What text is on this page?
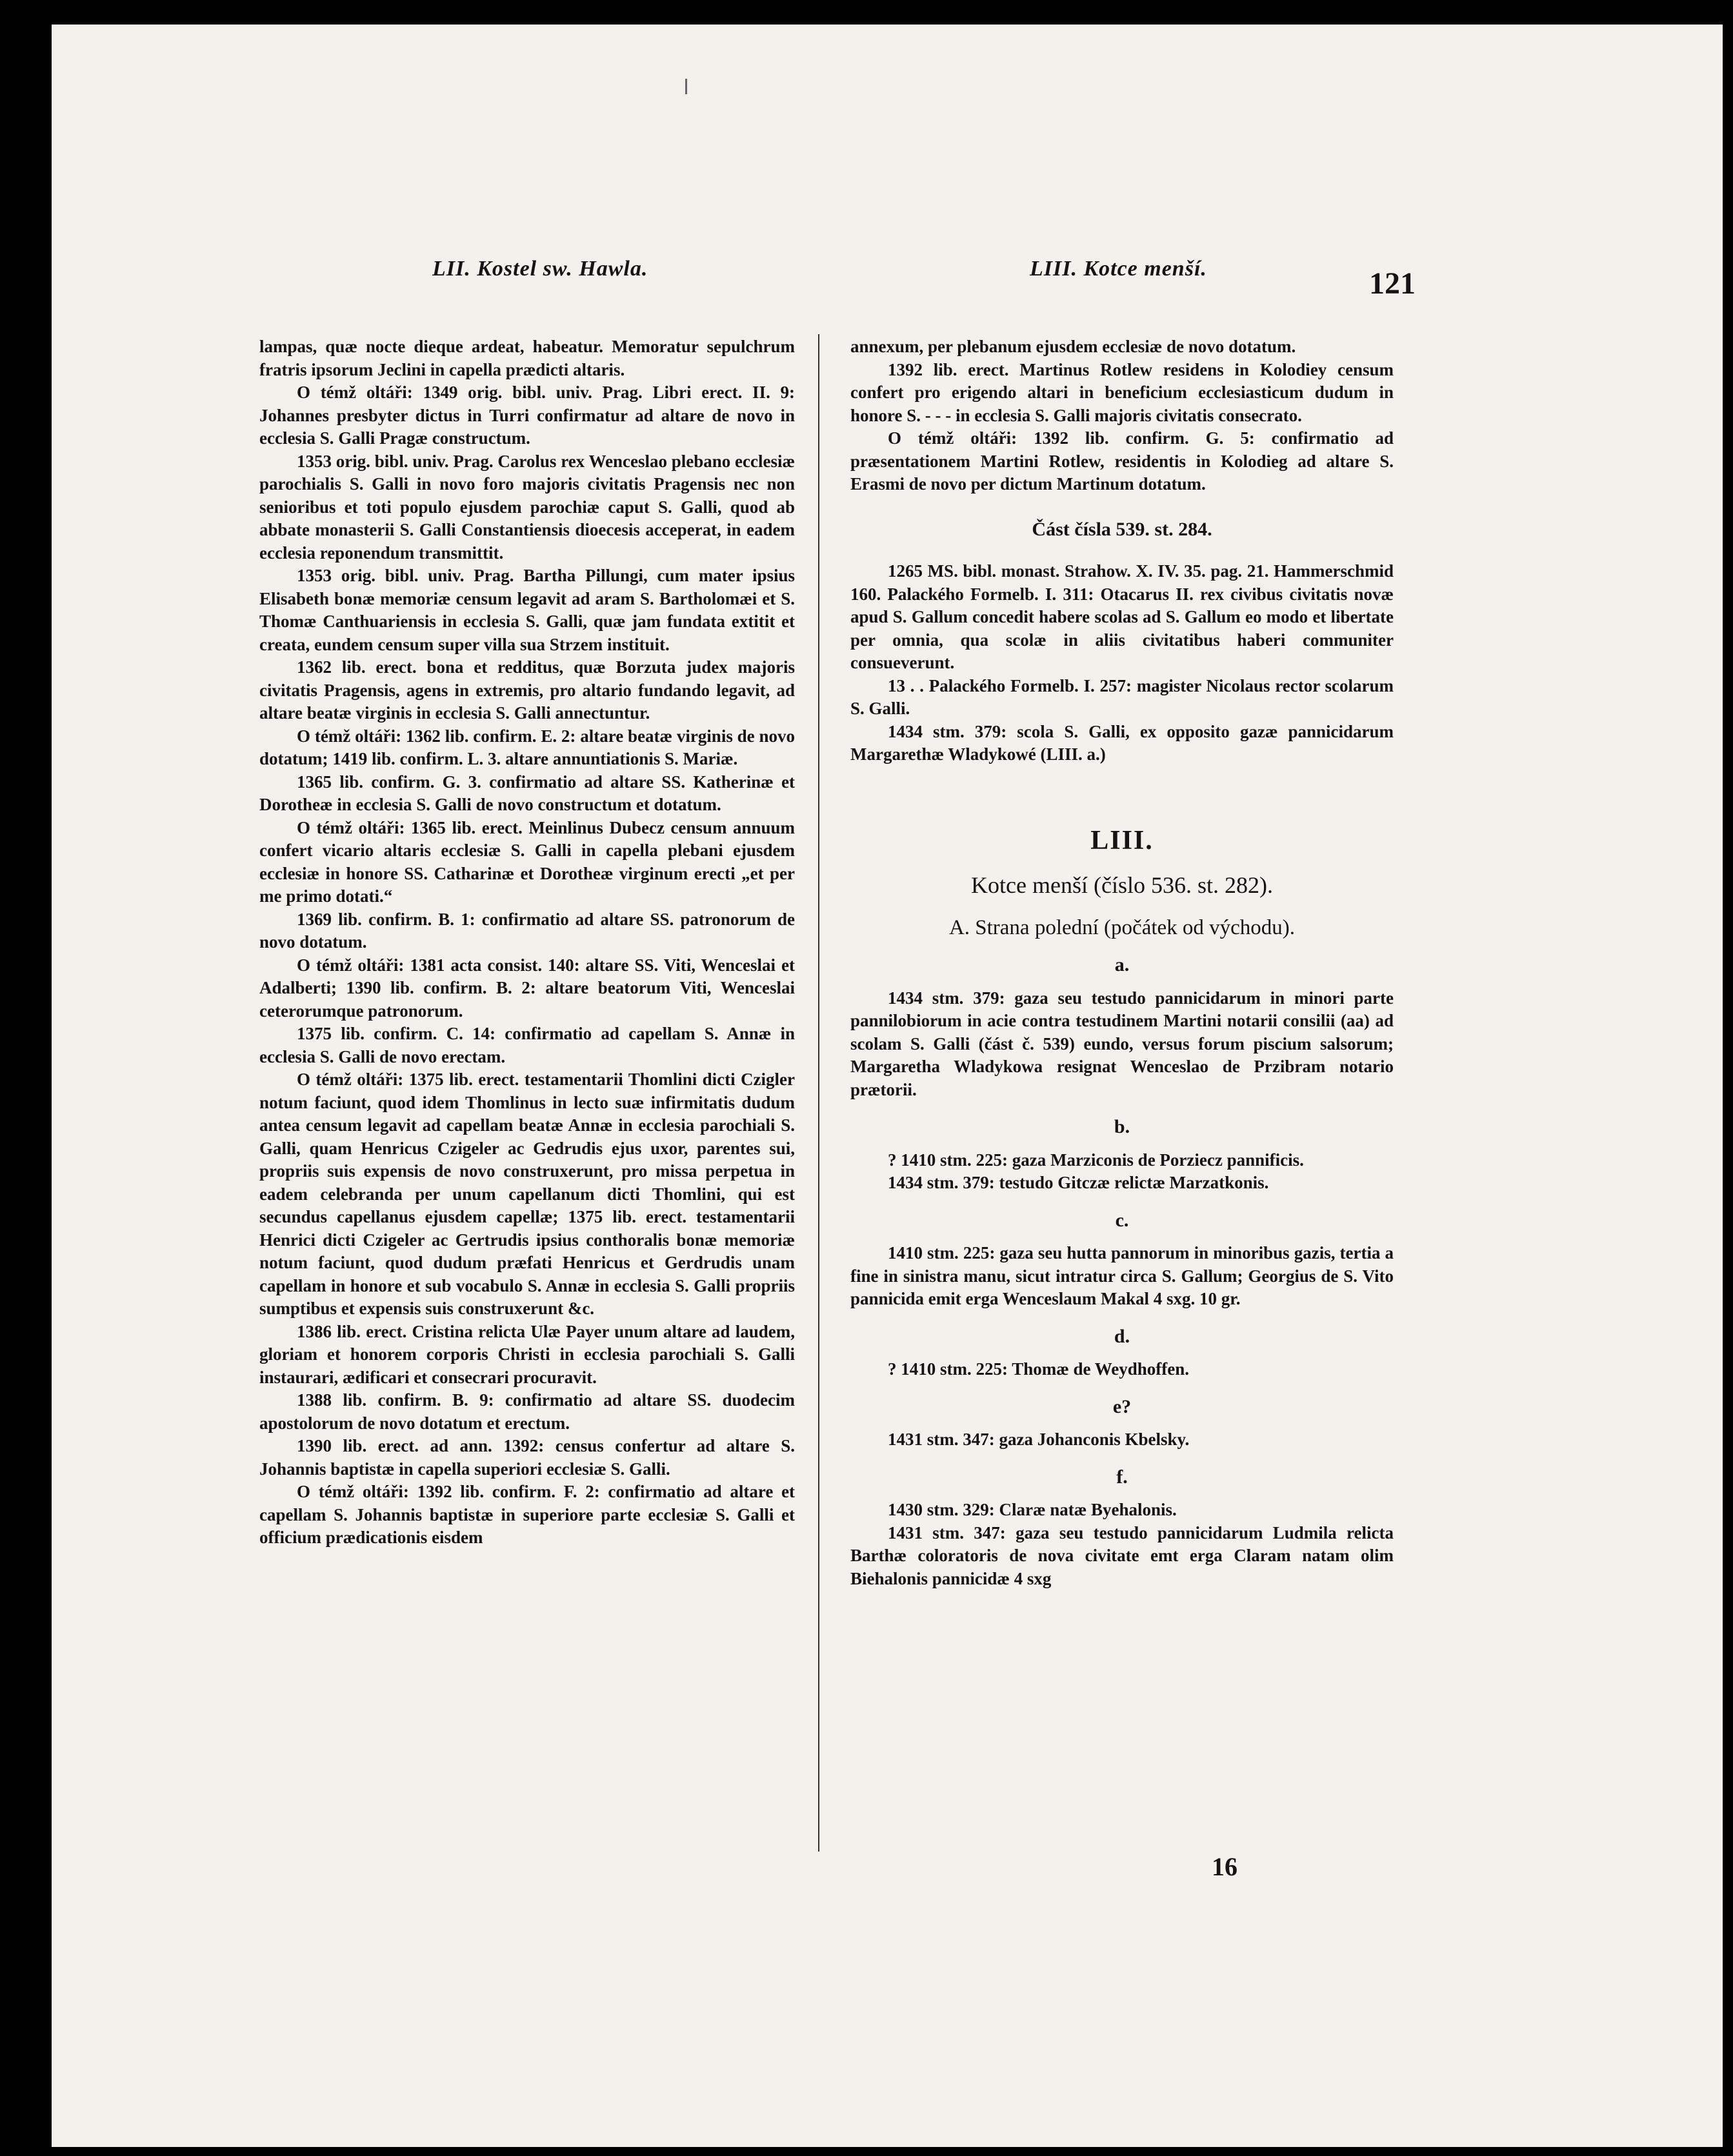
LII. Kostel sw. Hawla.	LIII. Kotce menší.	121

lampas, quæ nocte dieque ardeat, habeatur. Memoratur sepulchrum fratris ipsorum Jeclini in capella prædicti altaris.

O témž oltáři: 1349 orig. bibl. univ. Prag. Libri erect. II. 9: Johannes presbyter dictus in Turri confirmatur ad altare de novo in ecclesia S. Galli Pragæ constructum.

1353 orig. bibl. univ. Prag. Carolus rex Wenceslao plebano ecclesiæ parochialis S. Galli in novo foro majoris civitatis Pragensis nec non senioribus et toti populo ejusdem parochiæ caput S. Galli, quod ab abbate monasterii S. Galli Constantiensis dioecesis acceperat, in eadem ecclesia reponendum transmittit.

1353 orig. bibl. univ. Prag. Bartha Pillungi, cum mater ipsius Elisabeth bonæ memoriæ censum legavit ad aram S. Bartholomæi et S. Thomæ Canthuariensis in ecclesia S. Galli, quæ jam fundata extitit et creata, eundem censum super villa sua Strzem instituit.

1362 lib. erect. bona et redditus, quæ Borzuta judex majoris civitatis Pragensis, agens in extremis, pro altario fundando legavit, ad altare beatæ virginis in ecclesia S. Galli annectuntur.

O témž oltáři: 1362 lib. confirm. E. 2: altare beatæ virginis de novo dotatum; 1419 lib. confirm. L. 3. altare annuntiationis S. Mariæ.

1365 lib. confirm. G. 3. confirmatio ad altare SS. Katherinæ et Dorotheæ in ecclesia S. Galli de novo constructum et dotatum.

O témž oltáři: 1365 lib. erect. Meinlinus Dubecz censum annuum confert vicario altaris ecclesiæ S. Galli in capella plebani ejusdem ecclesiæ in honore SS. Catharinæ et Dorotheæ virginum erecti „et per me primo dotati.“

1369 lib. confirm. B. 1: confirmatio ad altare SS. patronorum de novo dotatum.

O témž oltáři: 1381 acta consist. 140: altare SS. Viti, Wenceslai et Adalberti; 1390 lib. confirm. B. 2: altare beatorum Viti, Wenceslai ceterorumque patronorum.

1375 lib. confirm. C. 14: confirmatio ad capellam S. Annæ in ecclesia S. Galli de novo erectam.

O témž oltáři: 1375 lib. erect. testamentarii Thomlini dicti Czigler notum faciunt, quod idem Thomlinus in lecto suæ infirmitatis dudum antea censum legavit ad capellam beatæ Annæ in ecclesia parochiali S. Galli, quam Henricus Czigeler ac Gedrudis ejus uxor, parentes sui, propriis suis expensis de novo construxerunt, pro missa perpetua in eadem celebranda per unum capellanum dicti Thomlini, qui est secundus capellanus ejusdem capellæ; 1375 lib. erect. testamentarii Henrici dicti Czigeler ac Gertrudis ipsius conthoralis bonæ memoriæ notum faciunt, quod dudum præfati Henricus et Gerdrudis unam capellam in honore et sub vocabulo S. Annæ in ecclesia S. Galli propriis sumptibus et expensis suis construxerunt &c.

1386 lib. erect. Cristina relicta Ulæ Payer unum altare ad laudem, gloriam et honorem corporis Christi in ecclesia parochiali S. Galli instaurari, ædificari et consecrari procuravit.

1388 lib. confirm. B. 9: confirmatio ad altare SS. duodecim apostolorum de novo dotatum et erectum.

1390 lib. erect. ad ann. 1392: census confertur ad altare S. Johannis baptistæ in capella superiori ecclesiæ S. Galli.

O témž oltáři: 1392 lib. confirm. F. 2: confirmatio ad altare et capellam S. Johannis baptistæ in superiore parte ecclesiæ S. Galli et officium prædicationis eisdem

annexum, per plebanum ejusdem ecclesiæ de novo dotatum.

1392 lib. erect. Martinus Rotlew residens in Kolodiey censum confert pro erigendo altari in beneficium ecclesiasticum dudum in honore S. - - - in ecclesia S. Galli majoris civitatis consecrato.

O témž oltáři: 1392 lib. confirm. G. 5: confirmatio ad præsentationem Martini Rotlew, residentis in Kolodieg ad altare S. Erasmi de novo per dictum Martinum dotatum.

Část čísla 539. st. 284.

1265 MS. bibl. monast. Strahow. X. IV. 35. pag. 21. Hammerschmid 160. Palackého Formelb. I. 311: Otacarus II. rex civibus civitatis novæ apud S. Gallum concedit habere scolas ad S. Gallum eo modo et libertate per omnia, qua scolæ in aliis civitatibus haberi communiter consueverunt.

13 . . Palackého Formelb. I. 257: magister Nicolaus rector scolarum S. Galli.

1434 stm. 379: scola S. Galli, ex opposito gazæ pannicidarum Margarethæ Wladykowé (LIII. a.)

LIII.

Kotce menší (číslo 536. st. 282).

A. Strana polední (počátek od východu).

a.

1434 stm. 379: gaza seu testudo pannicidarum in minori parte pannilobiorum in acie contra testudinem Martini notarii consilii (aa) ad scolam S. Galli (část č. 539) eundo, versus forum piscium salsorum; Margaretha Wladykowa resignat Wenceslao de Przibram notario prætorii.

b.

? 1410 stm. 225: gaza Marziconis de Porziecz pannificis.

1434 stm. 379: testudo Gitczæ relictæ Marzatkonis.

c.

1410 stm. 225: gaza seu hutta pannorum in minoribus gazis, tertia a fine in sinistra manu, sicut intratur circa S. Gallum; Georgius de S. Vito pannicida emit erga Wenceslaum Makal 4 sxg. 10 gr.

d.

? 1410 stm. 225: Thomæ de Weydhoffen.

e?

1431 stm. 347: gaza Johanconis Kbelsky.

f.

1430 stm. 329: Claræ natæ Byehalonis.

1431 stm. 347: gaza seu testudo pannicidarum Ludmila relicta Barthæ coloratoris de nova civitate emt erga Claram natam olim Biehalonis pannicidæ 4 sxg

16
